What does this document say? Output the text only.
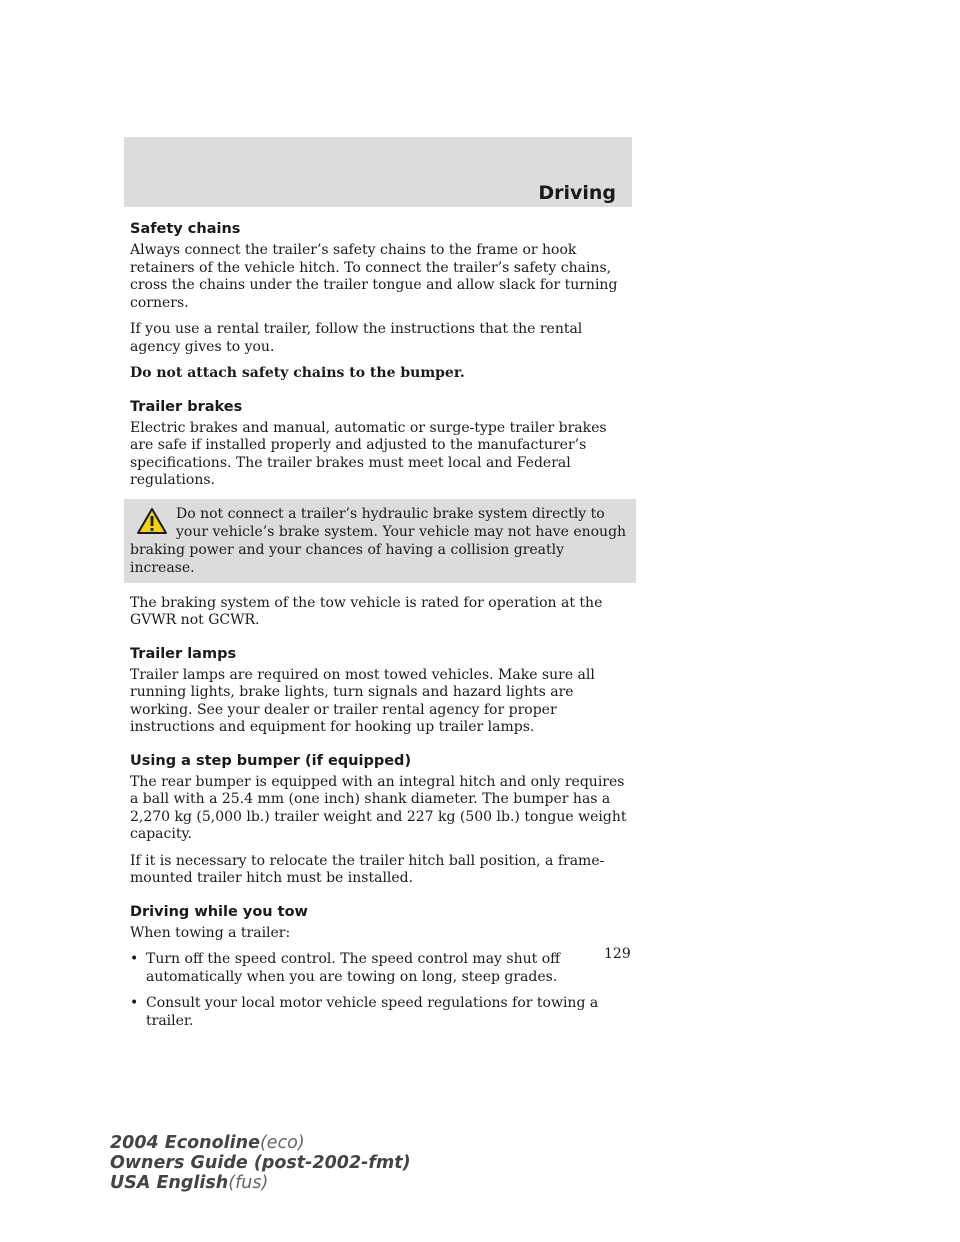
Driving
Safety chains

Always connect the trailer’s safety chains to the frame or hook retainers of the vehicle hitch. To connect the trailer’s safety chains, cross the chains under the trailer tongue and allow slack for turning corners.

If you use a rental trailer, follow the instructions that the rental agency gives to you.

Do not attach safety chains to the bumper.

Trailer brakes

Electric brakes and manual, automatic or surge-type trailer brakes are safe if installed properly and adjusted to the manufacturer’s specifications. The trailer brakes must meet local and Federal regulations.

Do not connect a trailer’s hydraulic brake system directly to your vehicle’s brake system. Your vehicle may not have enough
braking power and your chances of having a collision greatly increase.

The braking system of the tow vehicle is rated for operation at the GVWR not GCWR.

Trailer lamps

Trailer lamps are required on most towed vehicles. Make sure all running lights, brake lights, turn signals and hazard lights are working. See your dealer or trailer rental agency for proper instructions and equipment for hooking up trailer lamps.

Using a step bumper (if equipped)

The rear bumper is equipped with an integral hitch and only requires a ball with a 25.4 mm (one inch) shank diameter. The bumper has a 2,270 kg (5,000 lb.) trailer weight and 227 kg (500 lb.) tongue weight capacity.

If it is necessary to relocate the trailer hitch ball position, a frame-mounted trailer hitch must be installed.

Driving while you tow

When towing a trailer:

• Turn off the speed control. The speed control may shut off automatically when you are towing on long, steep grades.
• Consult your local motor vehicle speed regulations for towing a trailer.
129
2004 Econoline(eco)
Owners Guide (post-2002-fmt)
USA English(fus)
